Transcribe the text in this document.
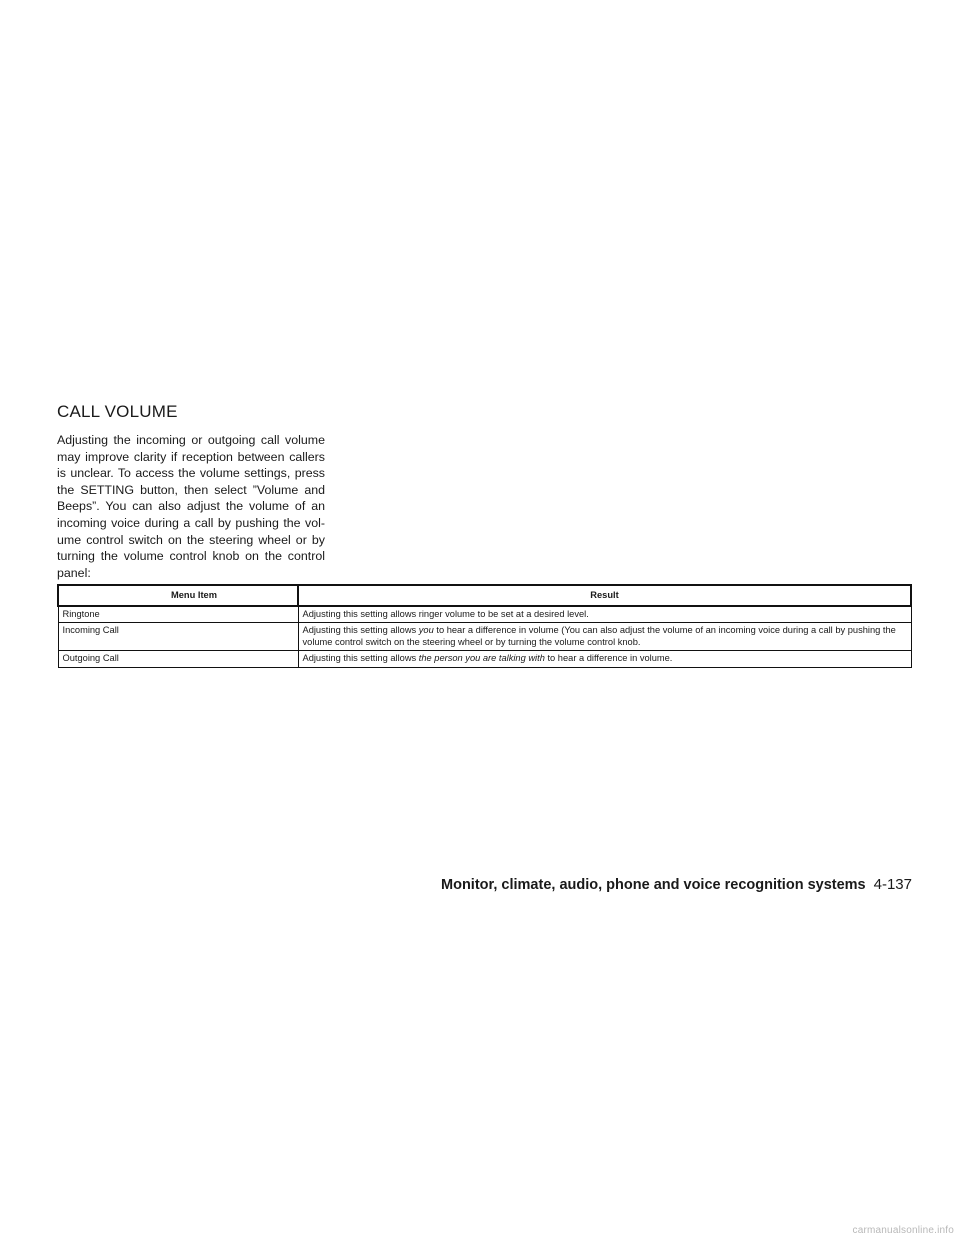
CALL VOLUME

Adjusting the incoming or outgoing call volume may improve clarity if reception between callers is unclear. To access the volume settings, press the SETTING button, then select ”Volume and Beeps”. You can also adjust the volume of an incoming voice during a call by pushing the vol- ume control switch on the steering wheel or by turning the volume control knob on the control panel:

Menu Item	Result
Ringtone	Adjusting this setting allows ringer volume to be set at a desired level.
Incoming Call	Adjusting this setting allows you to hear a difference in volume (You can also adjust the volume of an incoming voice during a call by pushing the volume control switch on the steering wheel or by turning the volume control knob.
Outgoing Call	Adjusting this setting allows the person you are talking with to hear a difference in volume.
Monitor, climate, audio, phone and voice recognition systems 4-137
carmanualsonline.info
